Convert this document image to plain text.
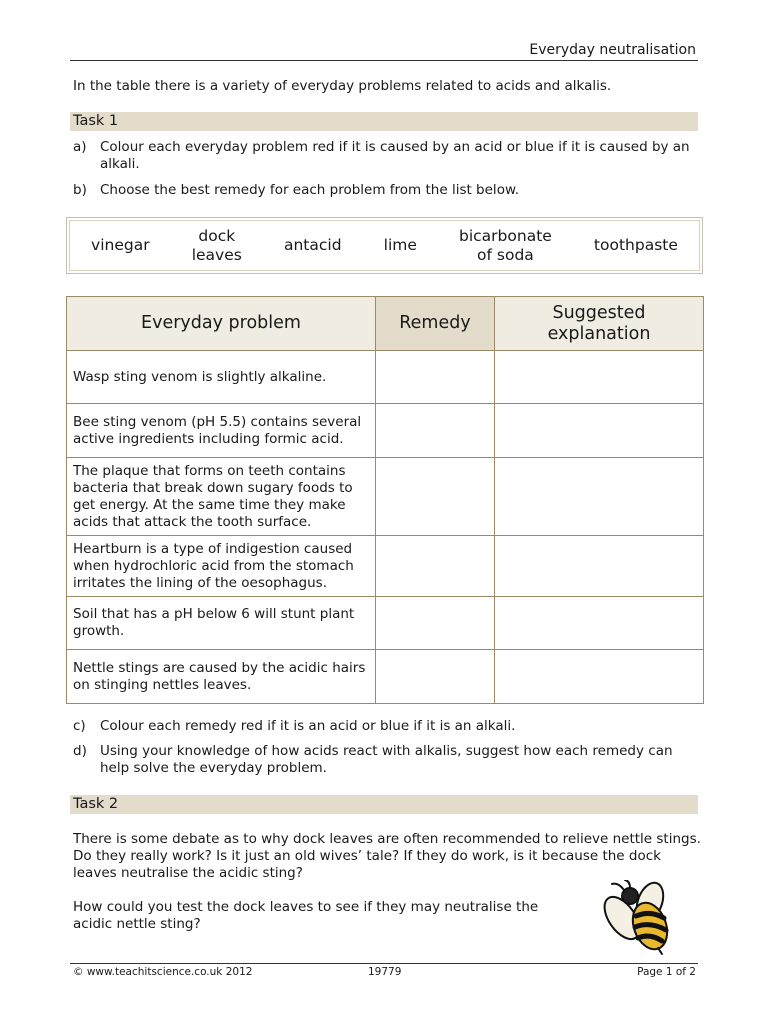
Everyday neutralisation
In the table there is a variety of everyday problems related to acids and alkalis.
Task 1
a) Colour each everyday problem red if it is caused by an acid or blue if it is caused by an alkali.
b) Choose the best remedy for each problem from the list below.
vinegar
dock
leaves
antacid	lime
bicarbonate
of soda
toothpaste
Everyday problem	Remedy	Suggested explanation
Wasp sting venom is slightly alkaline.		
Bee sting venom (pH 5.5) contains several active ingredients including formic acid.		
The plaque that forms on teeth contains bacteria that break down sugary foods to get energy. At the same time they make acids that attack the tooth surface.		
Heartburn is a type of indigestion caused when hydrochloric acid from the stomach irritates the lining of the oesophagus.		
Soil that has a pH below 6 will stunt plant growth.		
Nettle stings are caused by the acidic hairs on stinging nettles leaves.		
c) Colour each remedy red if it is an acid or blue if it is an alkali.
d) Using your knowledge of how acids react with alkalis, suggest how each remedy can help solve the everyday problem.
Task 2
There is some debate as to why dock leaves are often recommended to relieve nettle stings. Do they really work? Is it just an old wives’ tale? If they do work, is it because the dock leaves neutralise the acidic sting?
How could you test the dock leaves to see if they may neutralise the acidic nettle sting?
© www.teachitscience.co.uk 2012	19779	Page 1 of 2
